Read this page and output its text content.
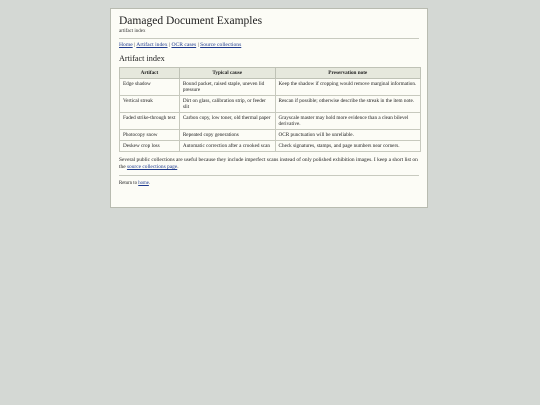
Damaged Document Examples
artifact index
Home | Artifact index | OCR cases | Source collections
Artifact index
Artifact	Typical cause	Preservation note
Edge shadow	Bound packet, raised staple, uneven lid pressure	Keep the shadow if cropping would remove marginal information.
Vertical streak	Dirt on glass, calibration strip, or feeder slit	Rescan if possible; otherwise describe the streak in the item note.
Faded strike-through text	Carbon copy, low toner, old thermal paper	Grayscale master may hold more evidence than a clean bilevel derivative.
Photocopy snow	Repeated copy generations	OCR punctuation will be unreliable.
Deskew crop loss	Automatic correction after a crooked scan	Check signatures, stamps, and page numbers near corners.

Several public collections are useful because they include imperfect scans instead of only polished exhibition images. I keep a short list on the source collections page.

Return to home.
